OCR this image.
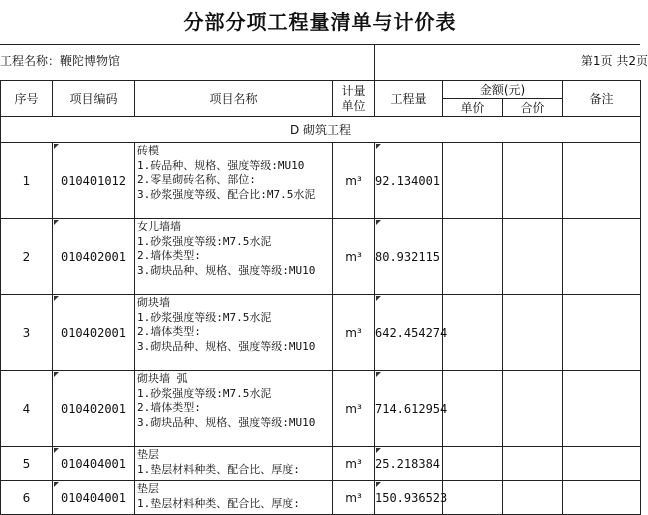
分部分项工程量清单与计价表
工程名称：鞭陀博物馆	第1页 共2页
序号	项目编码	项目名称	计量单位	工程量	金额(元)		备注
					单价	合价	
D 砌筑工程							
1	010401012	砖模
1.砖品种、规格、强度等级:MU10
2.零星砌砖名称、部位:
3.砂浆强度等级、配合比:M7.5水泥	m³	92.134001			
2	010402001	女儿墙墙
1.砂浆强度等级:M7.5水泥
2.墙体类型:
3.砌块品种、规格、强度等级:MU10	m³	80.932115			
3	010402001	砌块墙
1.砂浆强度等级:M7.5水泥
2.墙体类型:
3.砌块品种、规格、强度等级:MU10	m³	642.454274			
4	010402001	砌块墙 弧
1.砂浆强度等级:M7.5水泥
2.墙体类型:
3.砌块品种、规格、强度等级:MU10	m³	714.612954			
5	010404001	垫层
1.垫层材料种类、配合比、厚度:	m³	25.218384			
6	010404001	垫层
1.垫层材料种类、配合比、厚度:	m³	150.936523			
